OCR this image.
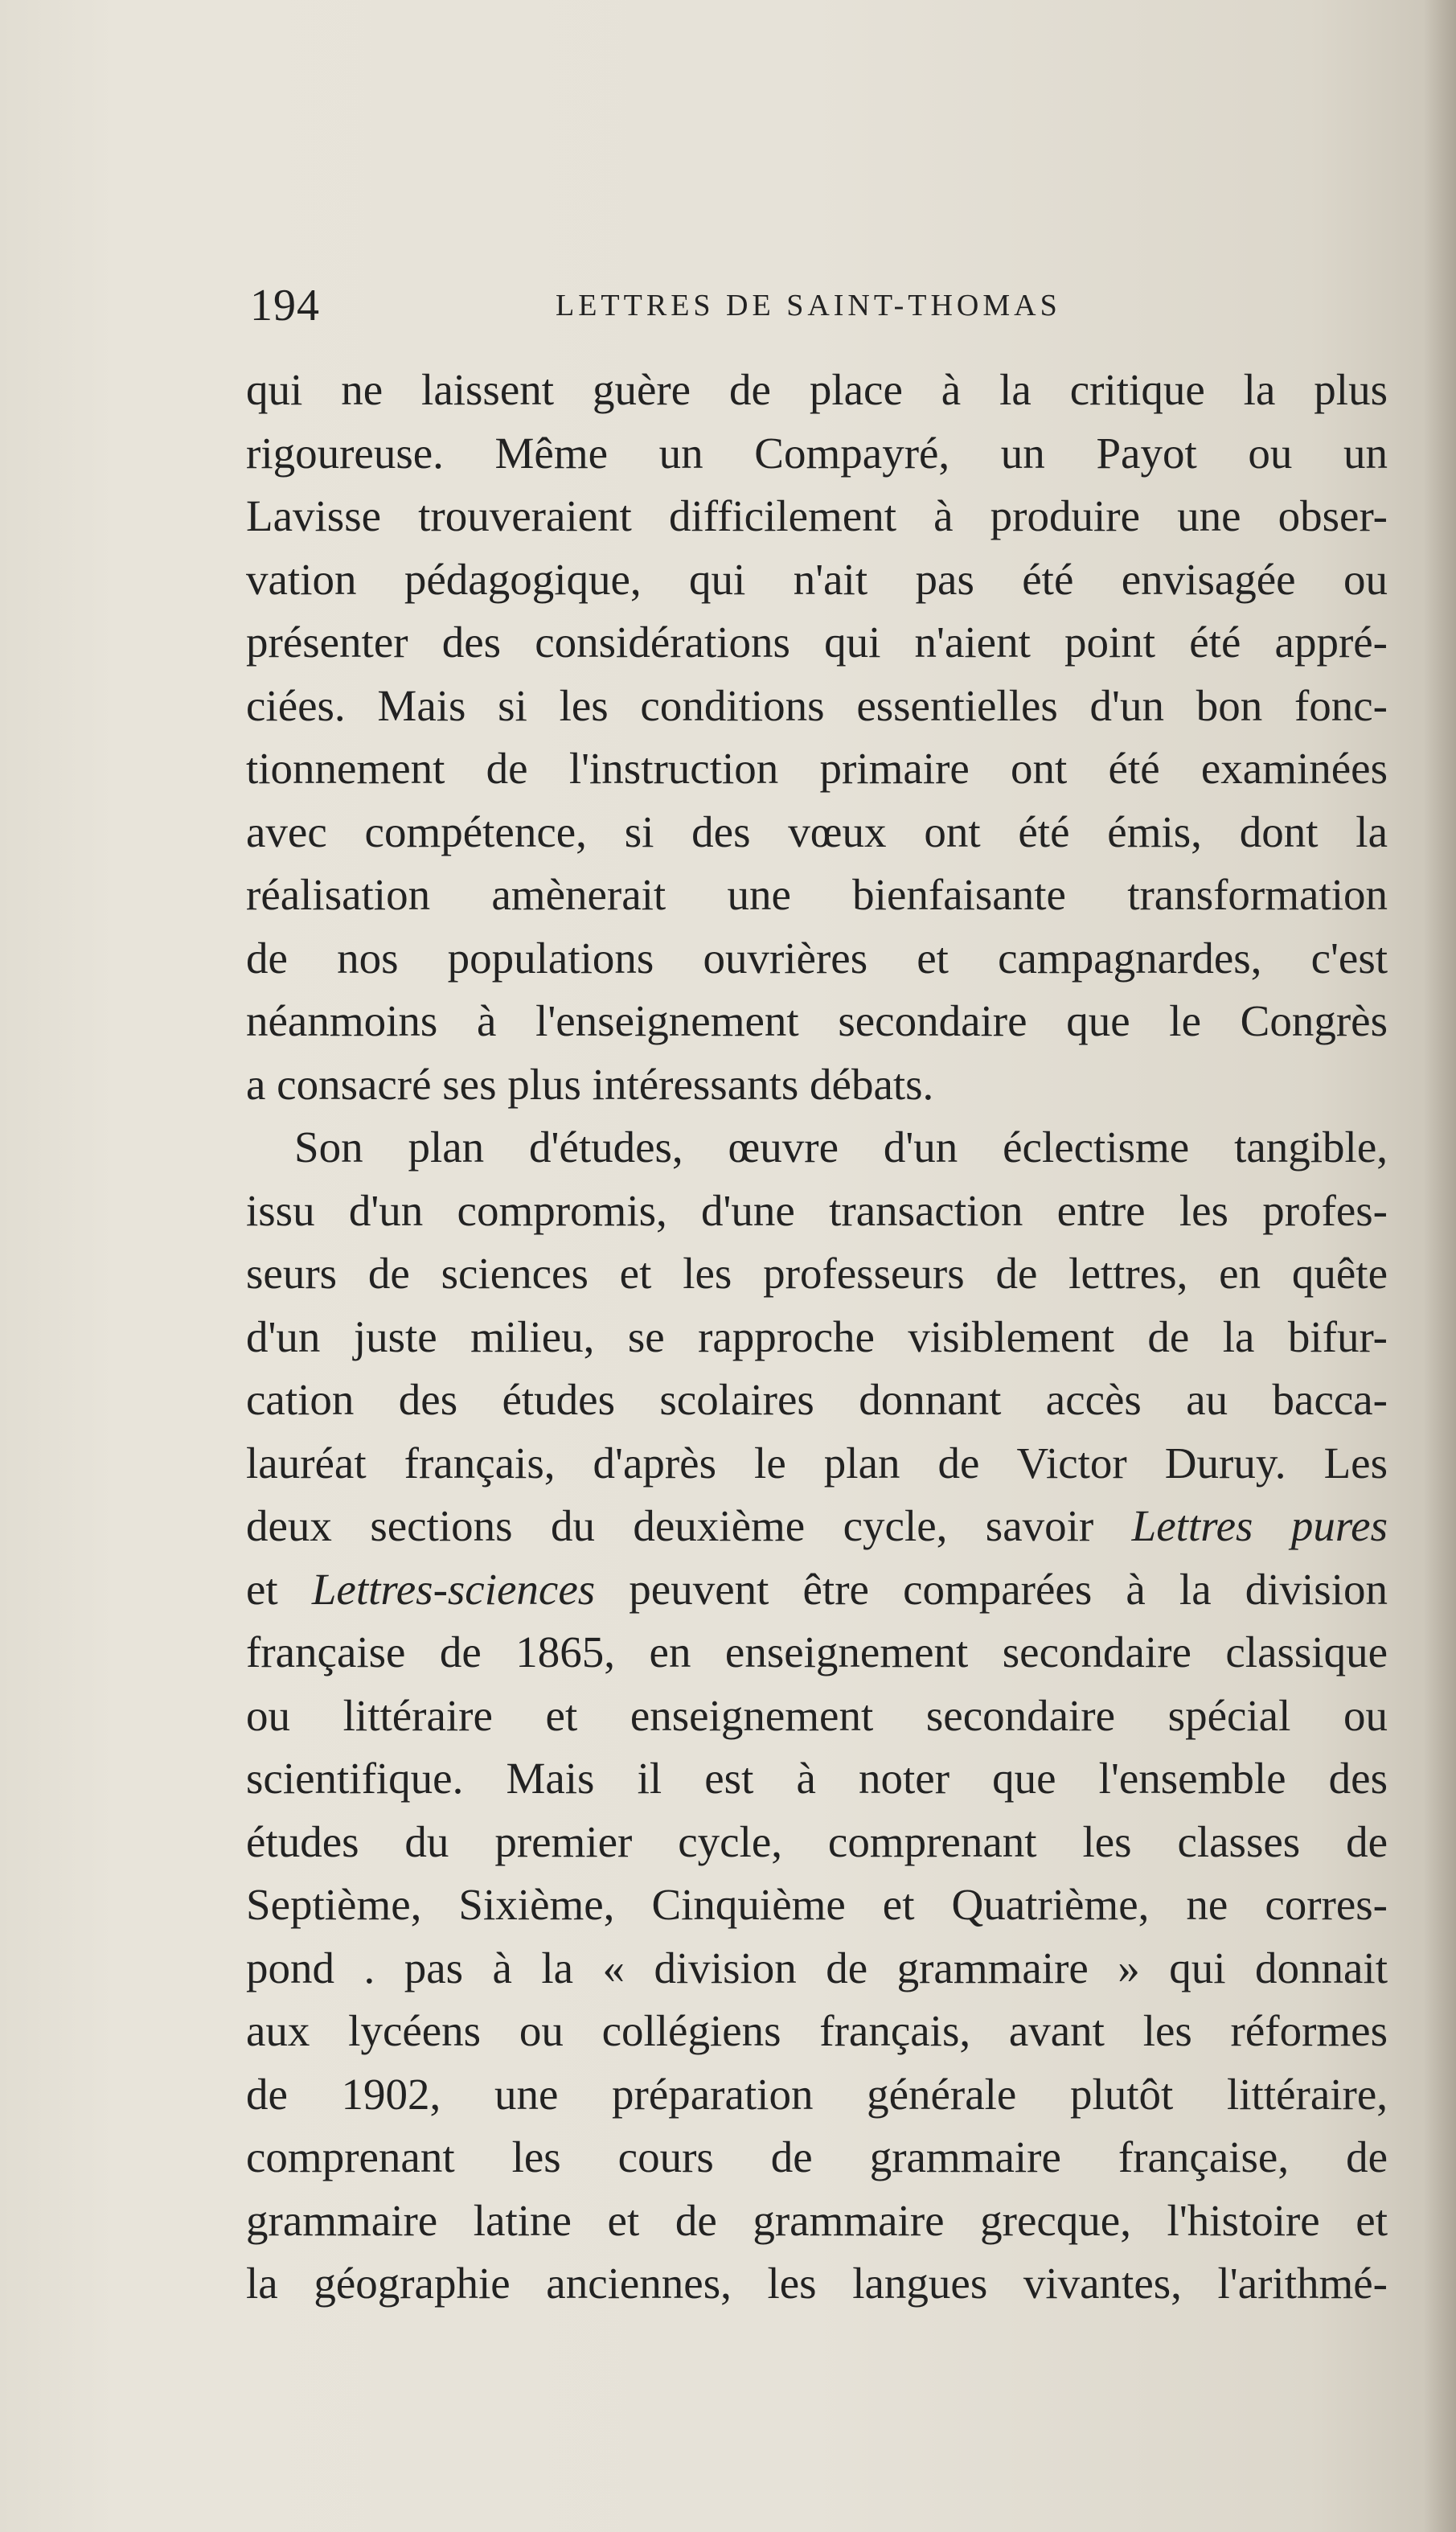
194	LETTRES DE SAINT-THOMAS
qui ne laissent guère de place à la critique la plus
rigoureuse. Même un Compayré, un Payot ou un
Lavisse trouveraient difficilement à produire une obser-
vation pédagogique, qui n'ait pas été envisagée ou
présenter des considérations qui n'aient point été appré-
ciées. Mais si les conditions essentielles d'un bon fonc-
tionnement de l'instruction primaire ont été examinées
avec compétence, si des vœux ont été émis, dont la
réalisation amènerait une bienfaisante transformation
de nos populations ouvrières et campagnardes, c'est
néanmoins à l'enseignement secondaire que le Congrès
a consacré ses plus intéressants débats.
Son plan d'études, œuvre d'un éclectisme tangible,
issu d'un compromis, d'une transaction entre les profes-
seurs de sciences et les professeurs de lettres, en quête
d'un juste milieu, se rapproche visiblement de la bifur-
cation des études scolaires donnant accès au bacca-
lauréat français, d'après le plan de Victor Duruy. Les
deux sections du deuxième cycle, savoir Lettres pures
et Lettres-sciences peuvent être comparées à la division
française de 1865, en enseignement secondaire classique
ou littéraire et enseignement secondaire spécial ou
scientifique. Mais il est à noter que l'ensemble des
études du premier cycle, comprenant les classes de
Septième, Sixième, Cinquième et Quatrième, ne corres-
pond . pas à la « division de grammaire » qui donnait
aux lycéens ou collégiens français, avant les réformes
de 1902, une préparation générale plutôt littéraire,
comprenant les cours de grammaire française, de
grammaire latine et de grammaire grecque, l'histoire et
la géographie anciennes, les langues vivantes, l'arithmé-
